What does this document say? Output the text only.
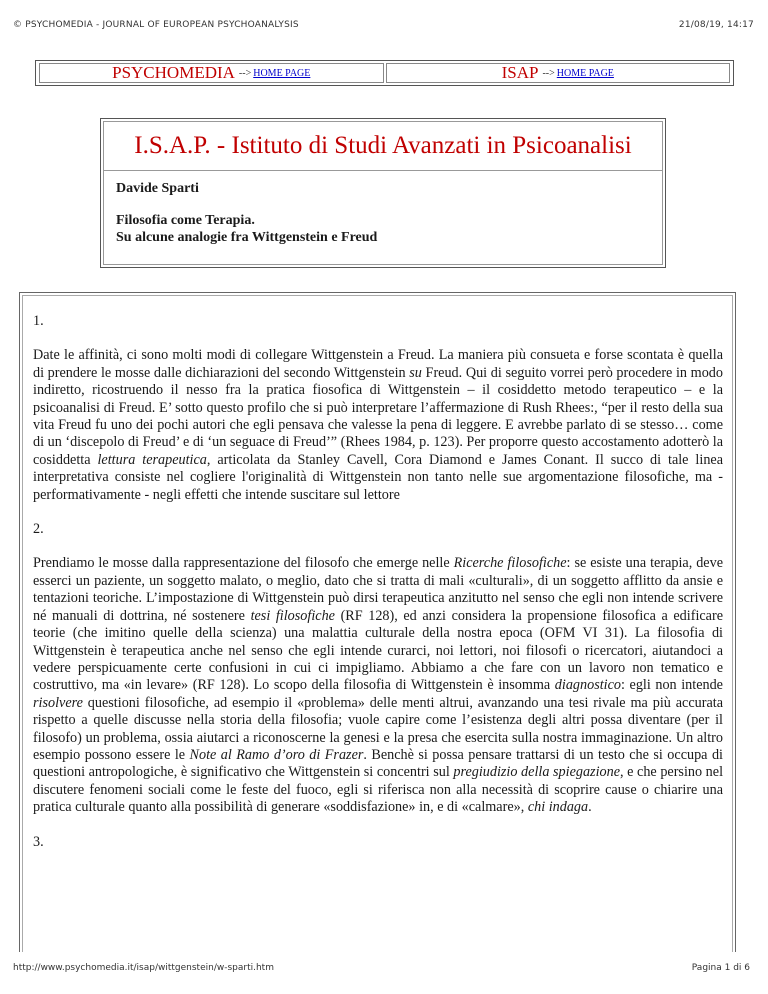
© PSYCHOMEDIA - JOURNAL OF EUROPEAN PSYCHOANALYSIS	21/08/19, 14:17
PSYCHOMEDIA --> HOME PAGE	ISAP --> HOME PAGE
I.S.A.P. - Istituto di Studi Avanzati in Psicoanalisi
Davide Sparti
Filosofia come Terapia.
Su alcune analogie fra Wittgenstein e Freud

1.

Date le affinità, ci sono molti modi di collegare Wittgenstein a Freud. La maniera più consueta e forse scontata è quella di prendere le mosse dalle dichiarazioni del secondo Wittgenstein su Freud. Qui di seguito vorrei però procedere in modo indiretto, ricostruendo il nesso fra la pratica fiosofica di Wittgenstein – il cosiddetto metodo terapeutico – e la psicoanalisi di Freud. E’ sotto questo profilo che si può interpretare l’affermazione di Rush Rhees:, “per il resto della sua vita Freud fu uno dei pochi autori che egli pensava che valesse la pena di leggere. E avrebbe parlato di se stesso… come di un ‘discepolo di Freud’ e di ‘un seguace di Freud’” (Rhees 1984, p. 123). Per proporre questo accostamento adotterò la cosiddetta lettura terapeutica, articolata da Stanley Cavell, Cora Diamond e James Conant. Il succo di tale linea interpretativa consiste nel cogliere l'originalità di Wittgenstein non tanto nelle sue argomentazione filosofiche, ma - performativamente - negli effetti che intende suscitare sul lettore

2.

Prendiamo le mosse dalla rappresentazione del filosofo che emerge nelle Ricerche filosofiche: se esiste una terapia, deve esserci un paziente, un soggetto malato, o meglio, dato che si tratta di mali «culturali», di un soggetto afflitto da ansie e tentazioni teoriche. L’impostazione di Wittgenstein può dirsi terapeutica anzitutto nel senso che egli non intende scrivere né manuali di dottrina, né sostenere tesi filosofiche (RF 128), ed anzi considera la propensione filosofica a edificare teorie (che imitino quelle della scienza) una malattia culturale della nostra epoca (OFM VI 31). La filosofia di Wittgenstein è terapeutica anche nel senso che egli intende curarci, noi lettori, noi filosofi o ricercatori, aiutandoci a vedere perspicuamente certe confusioni in cui ci impigliamo. Abbiamo a che fare con un lavoro non tematico e costruttivo, ma «in levare» (RF 128). Lo scopo della filosofia di Wittgenstein è insomma diagnostico: egli non intende risolvere questioni filosofiche, ad esempio il «problema» delle menti altrui, avanzando una tesi rivale ma più accurata rispetto a quelle discusse nella storia della filosofia; vuole capire come l’esistenza degli altri possa diventare (per il filosofo) un problema, ossia aiutarci a riconoscerne la genesi e la presa che esercita sulla nostra immaginazione. Un altro esempio possono essere le Note al Ramo d’oro di Frazer. Benchè si possa pensare trattarsi di un testo che si occupa di questioni antropologiche, è significativo che Wittgenstein si concentri sul pregiudizio della spiegazione, e che persino nel discutere fenomeni sociali come le feste del fuoco, egli si riferisca non alla necessità di scoprire cause o chiarire una pratica culturale quanto alla possibilità di generare «soddisfazione» in, e di «calmare», chi indaga.

3.

http://www.psychomedia.it/isap/wittgenstein/w-sparti.htm	Pagina 1 di 6
